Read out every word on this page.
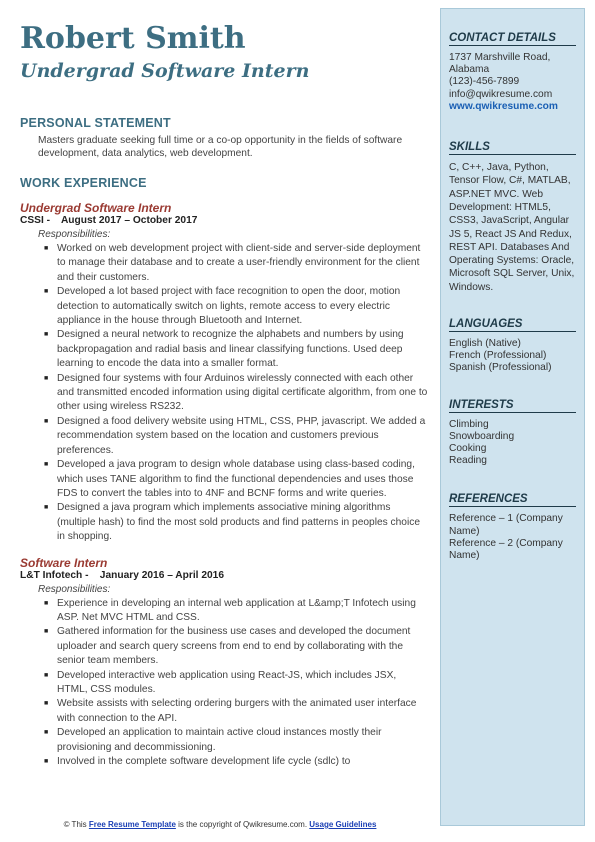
Robert Smith
Undergrad Software Intern
PERSONAL STATEMENT
Masters graduate seeking full time or a co-op opportunity in the fields of software development, data analytics, web development.
WORK EXPERIENCE
Undergrad Software Intern
CSSI -    August 2017 – October 2017
Responsibilities:
■ Worked on web development project with client-side and server-side deployment to manage their database and to create a user-friendly environment for the client and their customers.
■ Developed a lot based project with face recognition to open the door, motion detection to automatically switch on lights, remote access to every electric appliance in the house through Bluetooth and Internet.
■ Designed a neural network to recognize the alphabets and numbers by using backpropagation and radial basis and linear classifying functions. Used deep learning to encode the data into a smaller format.
■ Designed four systems with four Arduinos wirelessly connected with each other and transmitted encoded information using digital certificate algorithm, from one to other using wireless RS232.
■ Designed a food delivery website using HTML, CSS, PHP, javascript. We added a recommendation system based on the location and customers previous preferences.
■ Developed a java program to design whole database using class-based coding, which uses TANE algorithm to find the functional dependencies and uses those FDS to convert the tables into to 4NF and BCNF forms and write queries.
■ Designed a java program which implements associative mining algorithms (multiple hash) to find the most sold products and find patterns in peoples choice in shopping.
Software Intern
L&T Infotech -    January 2016 – April 2016
Responsibilities:
■ Experience in developing an internal web application at L&amp;T Infotech using ASP. Net MVC HTML and CSS.
■ Gathered information for the business use cases and developed the document uploader and search query screens from end to end by collaborating with the senior team members.
■ Developed interactive web application using React-JS, which includes JSX, HTML, CSS modules.
■ Website assists with selecting ordering burgers with the animated user interface with connection to the API.
■ Developed an application to maintain active cloud instances mostly their provisioning and decommissioning.
■ Involved in the complete software development life cycle (sdlc) to
CONTACT DETAILS
1737 Marshville Road,
Alabama
(123)-456-7899
info@qwikresume.com
www.qwikresume.com
SKILLS
C, C++, Java, Python, Tensor Flow, C#, MATLAB, ASP.NET MVC. Web Development: HTML5, CSS3, JavaScript, Angular JS 5, React JS And Redux, REST API. Databases And Operating Systems: Oracle, Microsoft SQL Server, Unix, Windows.
LANGUAGES
English (Native)
French (Professional)
Spanish (Professional)
INTERESTS
Climbing
Snowboarding
Cooking
Reading
REFERENCES
Reference – 1 (Company Name)
Reference – 2 (Company Name)
© This Free Resume Template is the copyright of Qwikresume.com. Usage Guidelines
